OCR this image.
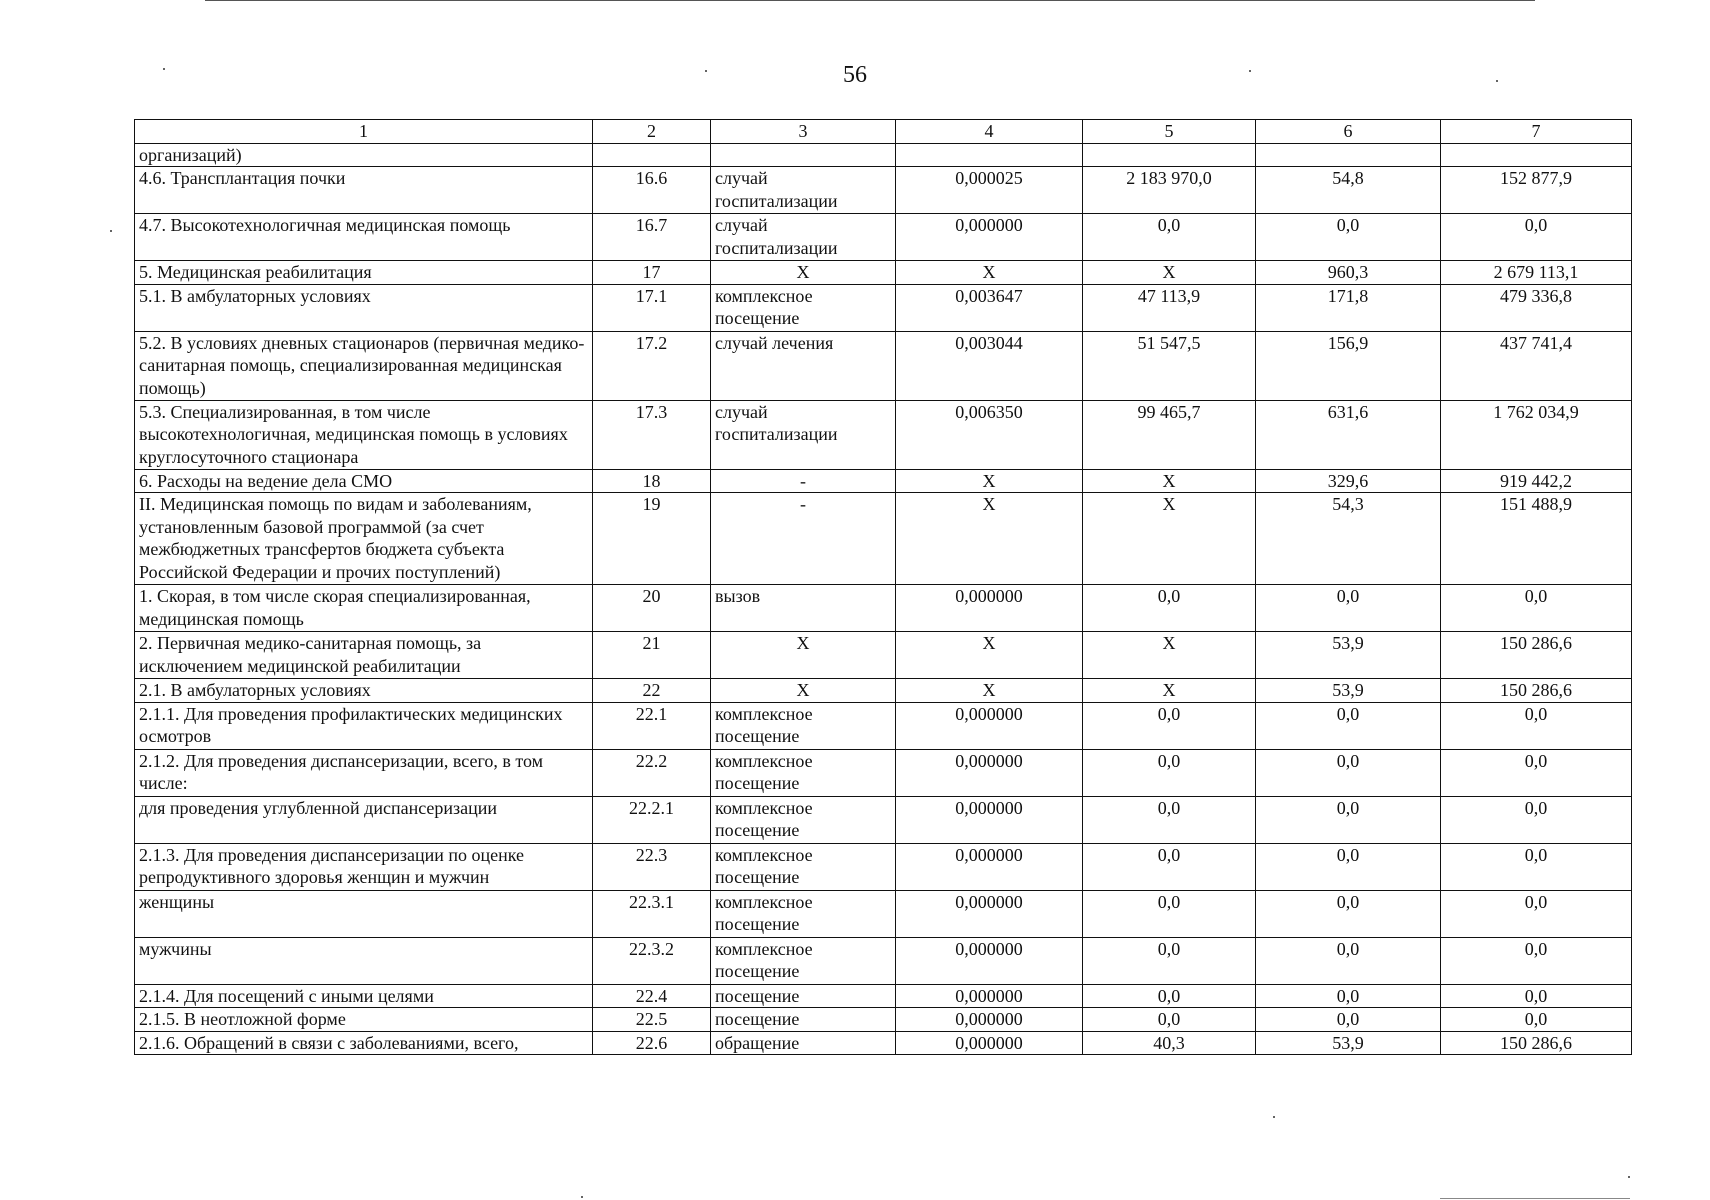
56
1	2	3	4	5	6	7
организаций)						
4.6. Трансплантация почки	16.6	случай госпитализации	0,000025	2 183 970,0	54,8	152 877,9
4.7. Высокотехнологичная медицинская помощь	16.7	случай госпитализации	0,000000	0,0	0,0	0,0
5. Медицинская реабилитация	17	X	X	X	960,3	2 679 113,1
5.1. В амбулаторных условиях	17.1	комплексное посещение	0,003647	47 113,9	171,8	479 336,8
5.2. В условиях дневных стационаров (первичная медико-санитарная помощь, специализированная медицинская помощь)	17.2	случай лечения	0,003044	51 547,5	156,9	437 741,4
5.3. Специализированная, в том числе высокотехнологичная, медицинская помощь в условиях круглосуточного стационара	17.3	случай госпитализации	0,006350	99 465,7	631,6	1 762 034,9
6. Расходы на ведение дела СМО	18	-	X	X	329,6	919 442,2
II. Медицинская помощь по видам и заболеваниям, установленным базовой программой (за счет межбюджетных трансфертов бюджета субъекта Российской Федерации и прочих поступлений)	19	-	X	X	54,3	151 488,9
1. Скорая, в том числе скорая специализированная, медицинская помощь	20	вызов	0,000000	0,0	0,0	0,0
2. Первичная медико-санитарная помощь, за исключением медицинской реабилитации	21	X	X	X	53,9	150 286,6
2.1. В амбулаторных условиях	22	X	X	X	53,9	150 286,6
2.1.1. Для проведения профилактических медицинских осмотров	22.1	комплексное посещение	0,000000	0,0	0,0	0,0
2.1.2. Для проведения диспансеризации, всего, в том числе:	22.2	комплексное посещение	0,000000	0,0	0,0	0,0
для проведения углубленной диспансеризации	22.2.1	комплексное посещение	0,000000	0,0	0,0	0,0
2.1.3. Для проведения диспансеризации по оценке репродуктивного здоровья женщин и мужчин	22.3	комплексное посещение	0,000000	0,0	0,0	0,0
женщины	22.3.1	комплексное посещение	0,000000	0,0	0,0	0,0
мужчины	22.3.2	комплексное посещение	0,000000	0,0	0,0	0,0
2.1.4. Для посещений с иными целями	22.4	посещение	0,000000	0,0	0,0	0,0
2.1.5. В неотложной форме	22.5	посещение	0,000000	0,0	0,0	0,0
2.1.6. Обращений в связи с заболеваниями, всего,	22.6	обращение	0,000000	40,3	53,9	150 286,6
